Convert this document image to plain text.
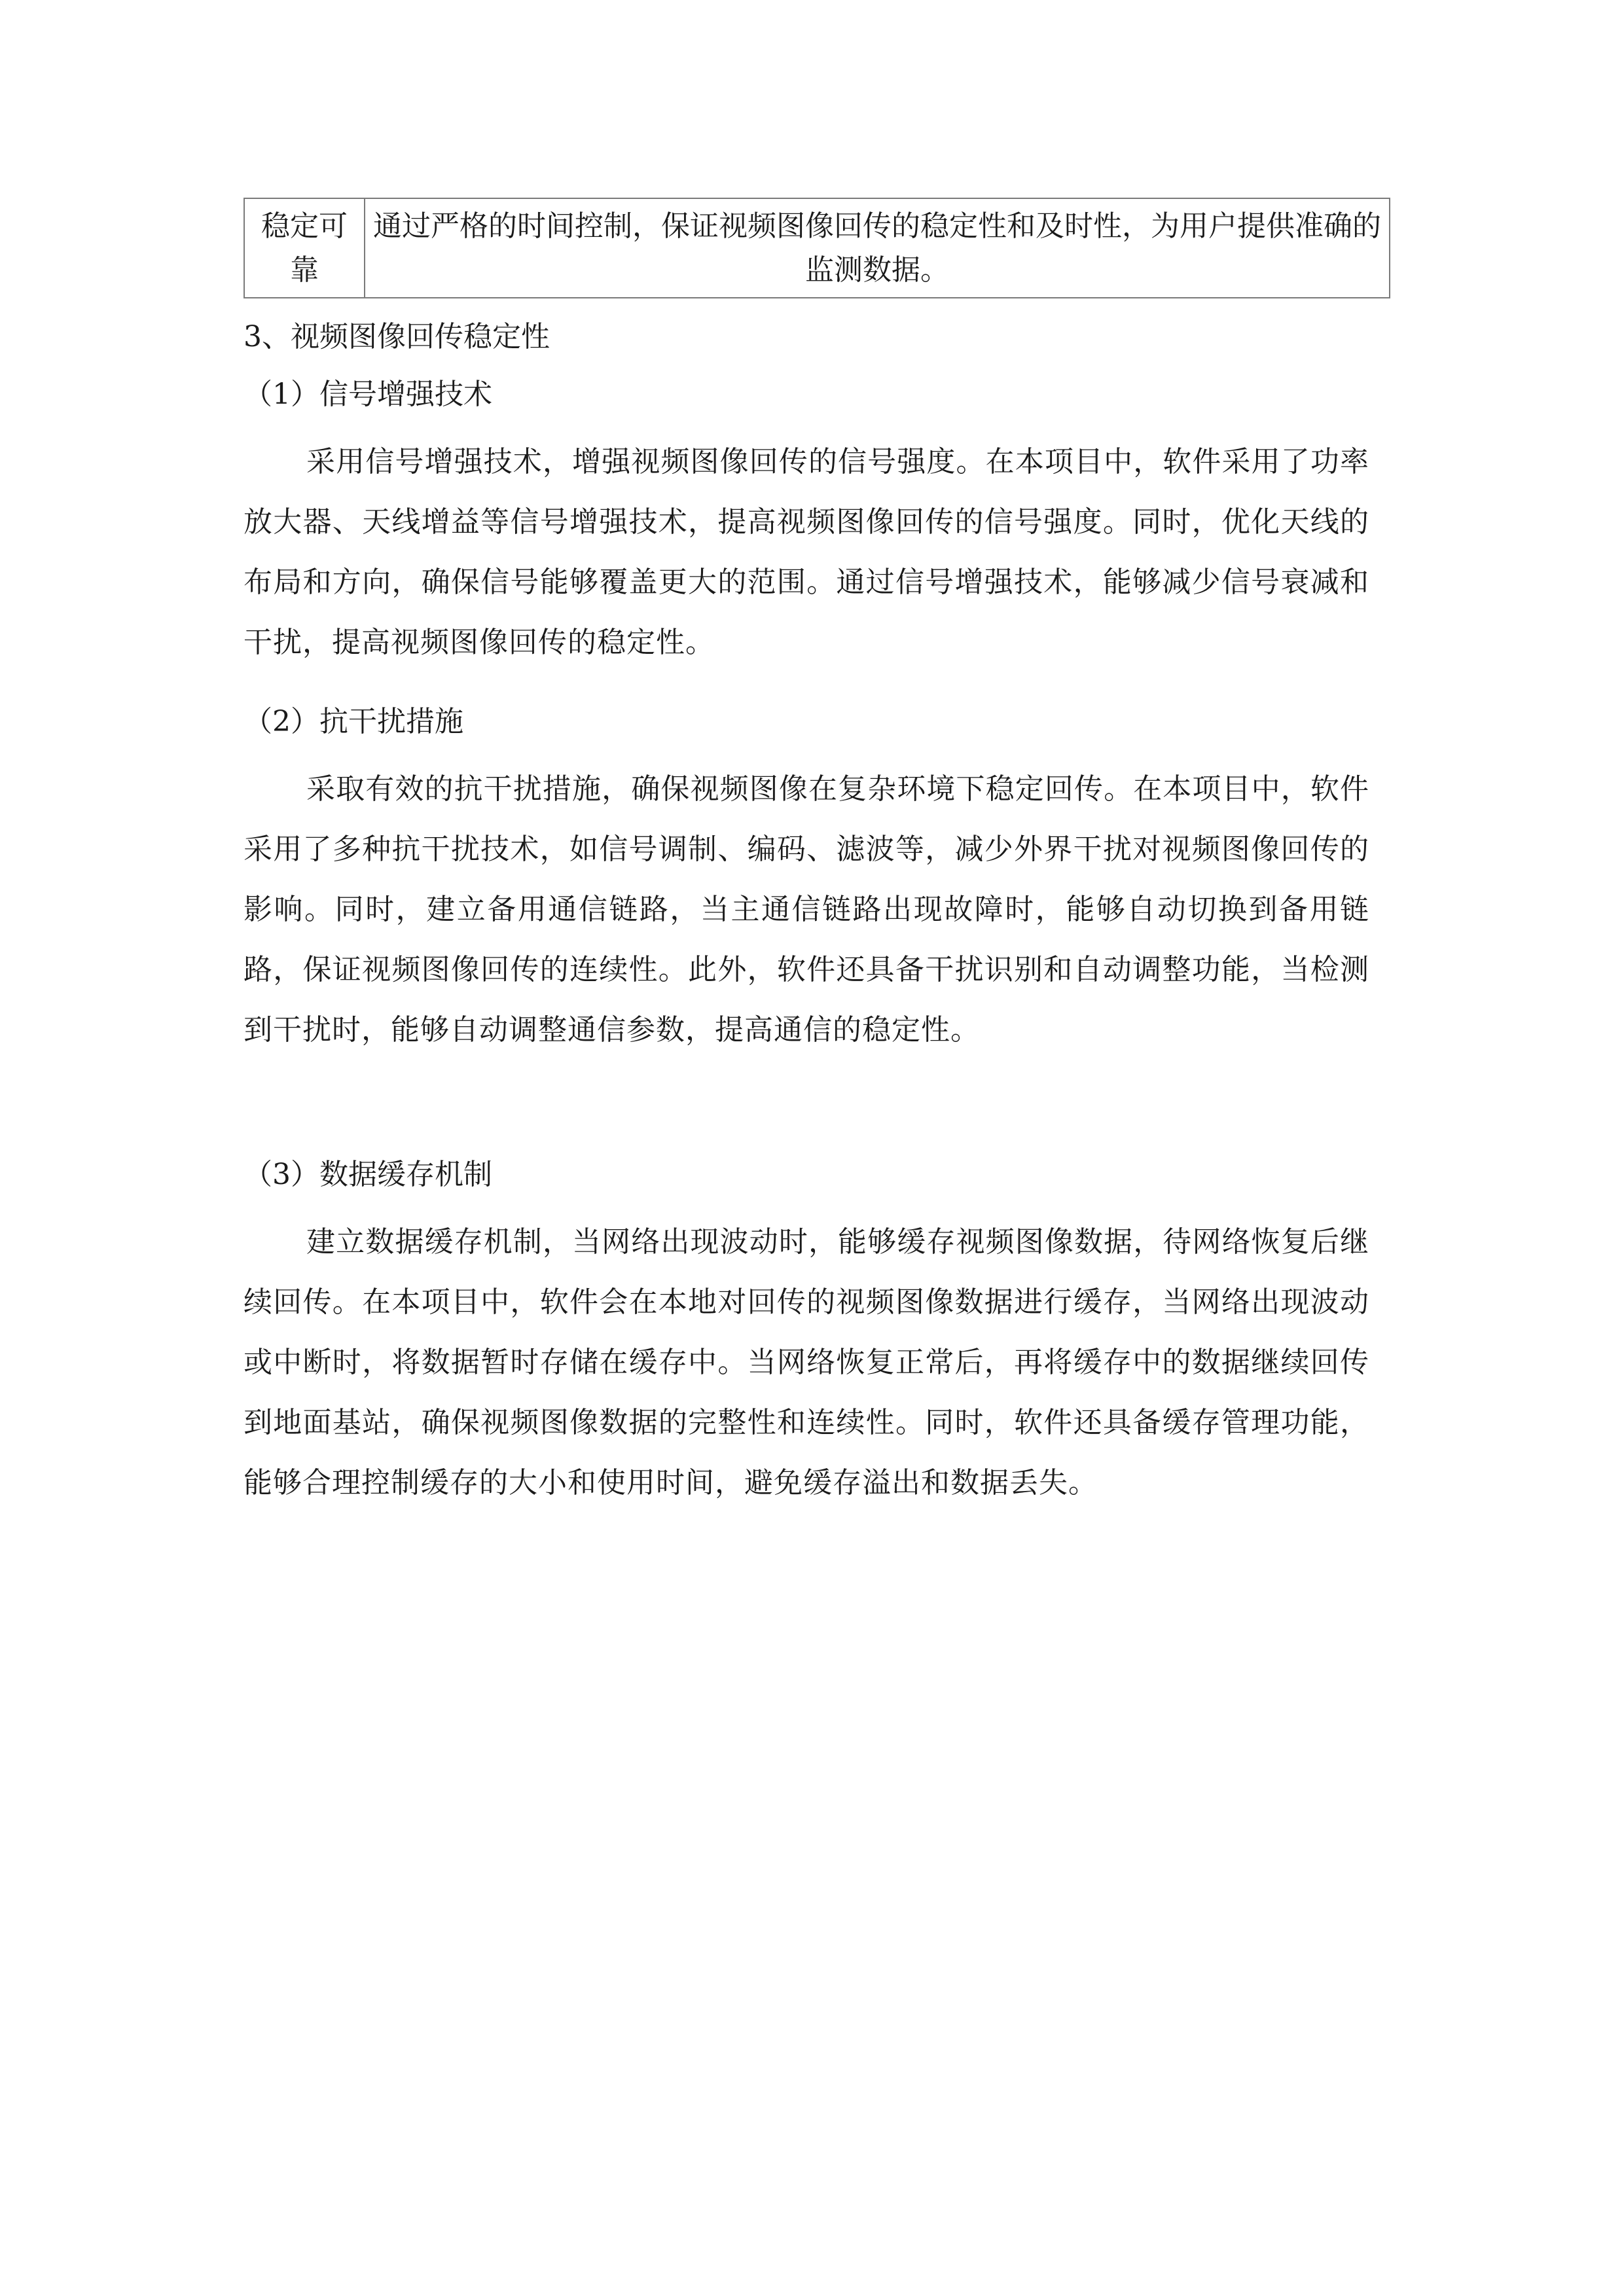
稳定可靠	通过严格的时间控制，保证视频图像回传的稳定性和及时性，为用户提供准确的监测数据。
3、视频图像回传稳定性
（1）信号增强技术
采用信号增强技术，增强视频图像回传的信号强度。在本项目中，软件采用了功率放大器、天线增益等信号增强技术，提高视频图像回传的信号强度。同时，优化天线的布局和方向，确保信号能够覆盖更大的范围。通过信号增强技术，能够减少信号衰减和干扰，提高视频图像回传的稳定性。
（2）抗干扰措施
采取有效的抗干扰措施，确保视频图像在复杂环境下稳定回传。在本项目中，软件采用了多种抗干扰技术，如信号调制、编码、滤波等，减少外界干扰对视频图像回传的影响。同时，建立备用通信链路，当主通信链路出现故障时，能够自动切换到备用链路，保证视频图像回传的连续性。此外，软件还具备干扰识别和自动调整功能，当检测到干扰时，能够自动调整通信参数，提高通信的稳定性。
（3）数据缓存机制
建立数据缓存机制，当网络出现波动时，能够缓存视频图像数据，待网络恢复后继续回传。在本项目中，软件会在本地对回传的视频图像数据进行缓存，当网络出现波动或中断时，将数据暂时存储在缓存中。当网络恢复正常后，再将缓存中的数据继续回传到地面基站，确保视频图像数据的完整性和连续性。同时，软件还具备缓存管理功能，能够合理控制缓存的大小和使用时间，避免缓存溢出和数据丢失。
